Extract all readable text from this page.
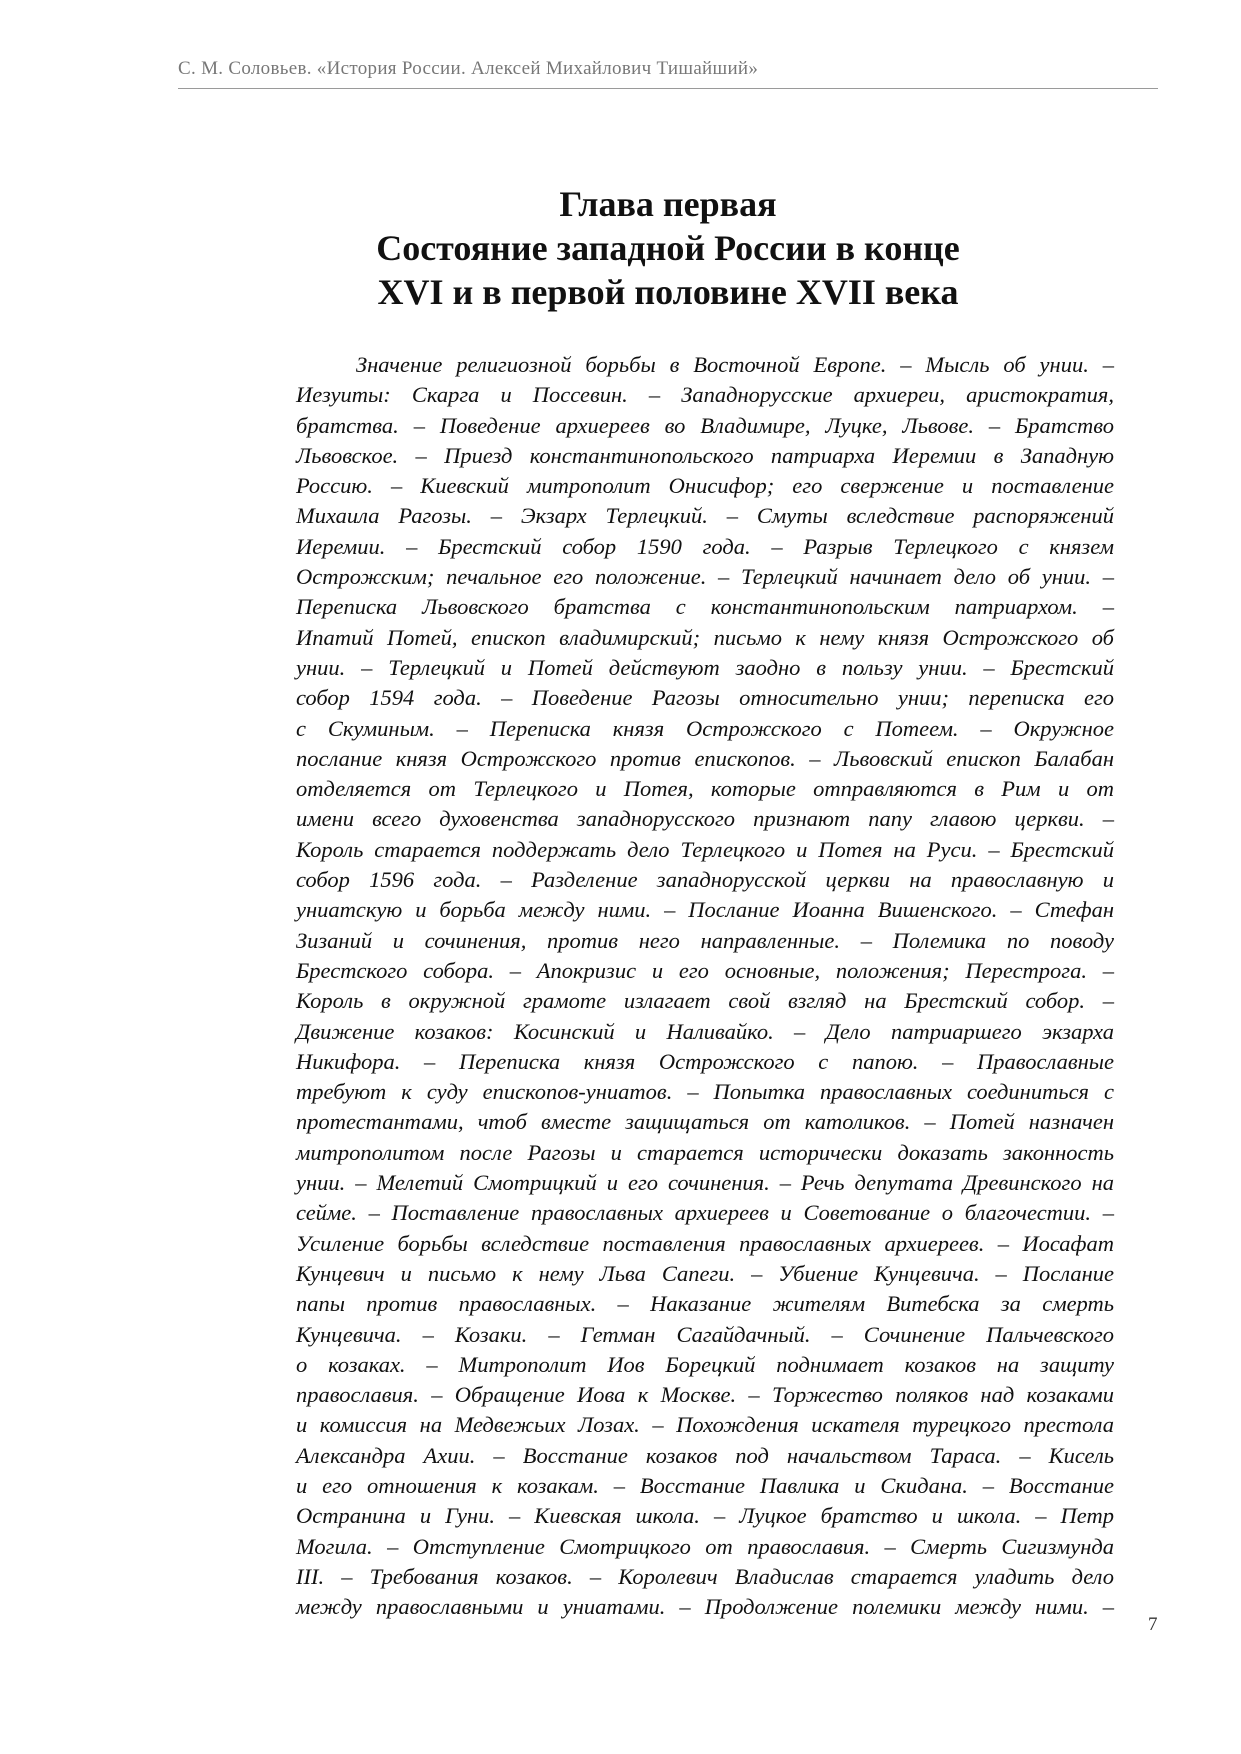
С. М. Соловьев. «История России. Алексей Михайлович Тишайший»
Глава первая
Состояние западной России в конце
XVI и в первой половине XVII века
Значение религиозной борьбы в Восточной Европе. – Мысль об унии. –
Иезуиты: Скарга и Поссевин. – Западнорусские архиереи, аристократия,
братства. – Поведение архиереев во Владимире, Луцке, Львове. – Братство
Львовское. – Приезд константинопольского патриарха Иеремии в Западную
Россию. – Киевский митрополит Онисифор; его свержение и поставление
Михаила Рагозы. – Экзарх Терлецкий. – Смуты вследствие распоряжений
Иеремии. – Брестский собор 1590 года. – Разрыв Терлецкого с князем
Острожским; печальное его положение. – Терлецкий начинает дело об унии. –
Переписка Львовского братства с константинопольским патриархом. –
Ипатий Потей, епископ владимирский; письмо к нему князя Острожского об
унии. – Терлецкий и Потей действуют заодно в пользу унии. – Брестский
собор 1594 года. – Поведение Рагозы относительно унии; переписка его
с Скуминым. – Переписка князя Острожского с Потеем. – Окружное
послание князя Острожского против епископов. – Львовский епископ Балабан
отделяется от Терлецкого и Потея, которые отправляются в Рим и от
имени всего духовенства западнорусского признают папу главою церкви. –
Король старается поддержать дело Терлецкого и Потея на Руси. – Брестский
собор 1596 года. – Разделение западнорусской церкви на православную и
униатскую и борьба между ними. – Послание Иоанна Вишенского. – Стефан
Зизаний и сочинения, против него направленные. – Полемика по поводу
Брестского собора. – Апокризис и его основные, положения; Перестрога. –
Король в окружной грамоте излагает свой взгляд на Брестский собор. –
Движение козаков: Косинский и Наливайко. – Дело патриаршего экзарха
Никифора. – Переписка князя Острожского с папою. – Православные
требуют к суду епископов-униатов. – Попытка православных соединиться с
протестантами, чтоб вместе защищаться от католиков. – Потей назначен
митрополитом после Рагозы и старается исторически доказать законность
унии. – Мелетий Смотрицкий и его сочинения. – Речь депутата Древинского на
сейме. – Поставление православных архиереев и Советование о благочестии. –
Усиление борьбы вследствие поставления православных архиереев. – Иосафат
Кунцевич и письмо к нему Льва Сапеги. – Убиение Кунцевича. – Послание
папы против православных. – Наказание жителям Витебска за смерть
Кунцевича. – Козаки. – Гетман Сагайдачный. – Сочинение Пальчевского
о козаках. – Митрополит Иов Борецкий поднимает козаков на защиту
православия. – Обращение Иова к Москве. – Торжество поляков над козаками
и комиссия на Медвежьих Лозах. – Похождения искателя турецкого престола
Александра Ахии. – Восстание козаков под начальством Тараса. – Кисель
и его отношения к козакам. – Восстание Павлика и Скидана. – Восстание
Остранина и Гуни. – Киевская школа. – Луцкое братство и школа. – Петр
Могила. – Отступление Смотрицкого от православия. – Смерть Сигизмунда
III. – Требования козаков. – Королевич Владислав старается уладить дело
между православными и униатами. – Продолжение полемики между ними. –
7
